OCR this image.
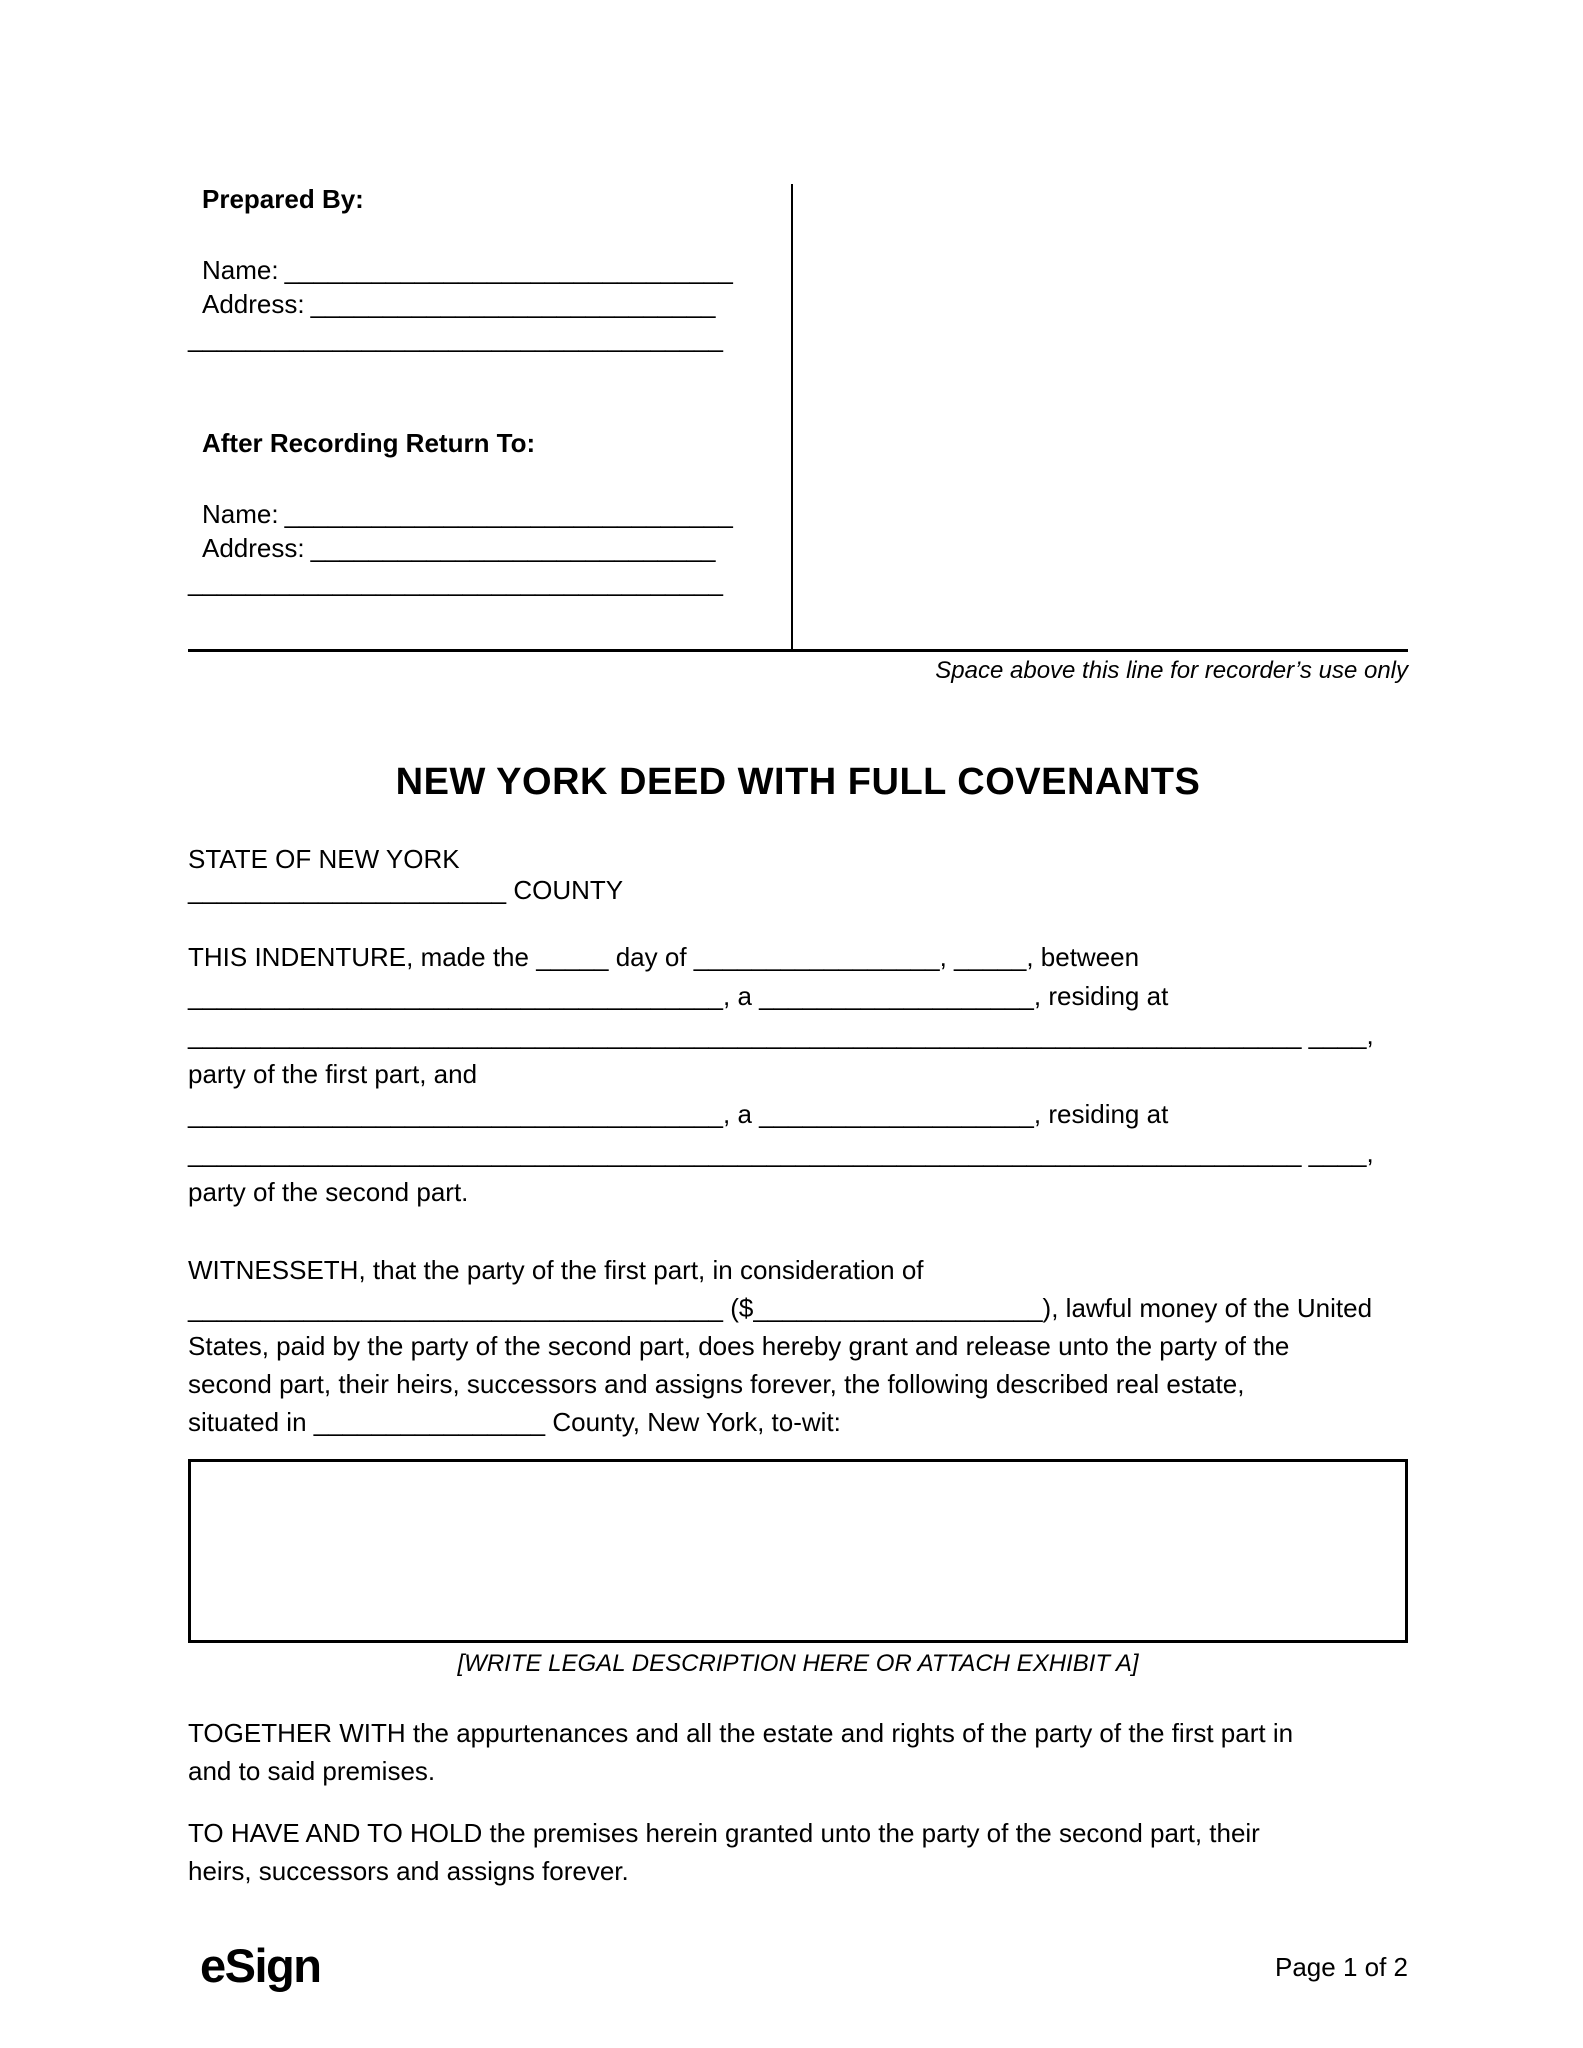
Prepared By:
Name: _______________________________
Address: ____________________________
_____________________________________
After Recording Return To:
Name: _______________________________
Address: ____________________________
_____________________________________
Space above this line for recorder’s use only
NEW YORK DEED WITH FULL COVENANTS
STATE OF NEW YORK
______________________ COUNTY
THIS INDENTURE, made the _____ day of _________________, _____, between
_____________________________________, a ___________________, residing at
_____________________________________________________________________________ ____,
party of the first part, and
_____________________________________, a ___________________, residing at
_____________________________________________________________________________ ____,
party of the second part.
WITNESSETH, that the party of the first part, in consideration of
_____________________________________ ($____________________), lawful money of the United
States, paid by the party of the second part, does hereby grant and release unto the party of the
second part, their heirs, successors and assigns forever, the following described real estate,
situated in ________________ County, New York, to-wit:
[WRITE LEGAL DESCRIPTION HERE OR ATTACH EXHIBIT A]
TOGETHER WITH the appurtenances and all the estate and rights of the party of the first part in
and to said premises.
TO HAVE AND TO HOLD the premises herein granted unto the party of the second part, their
heirs, successors and assigns forever.
eSign	Page 1 of 2
